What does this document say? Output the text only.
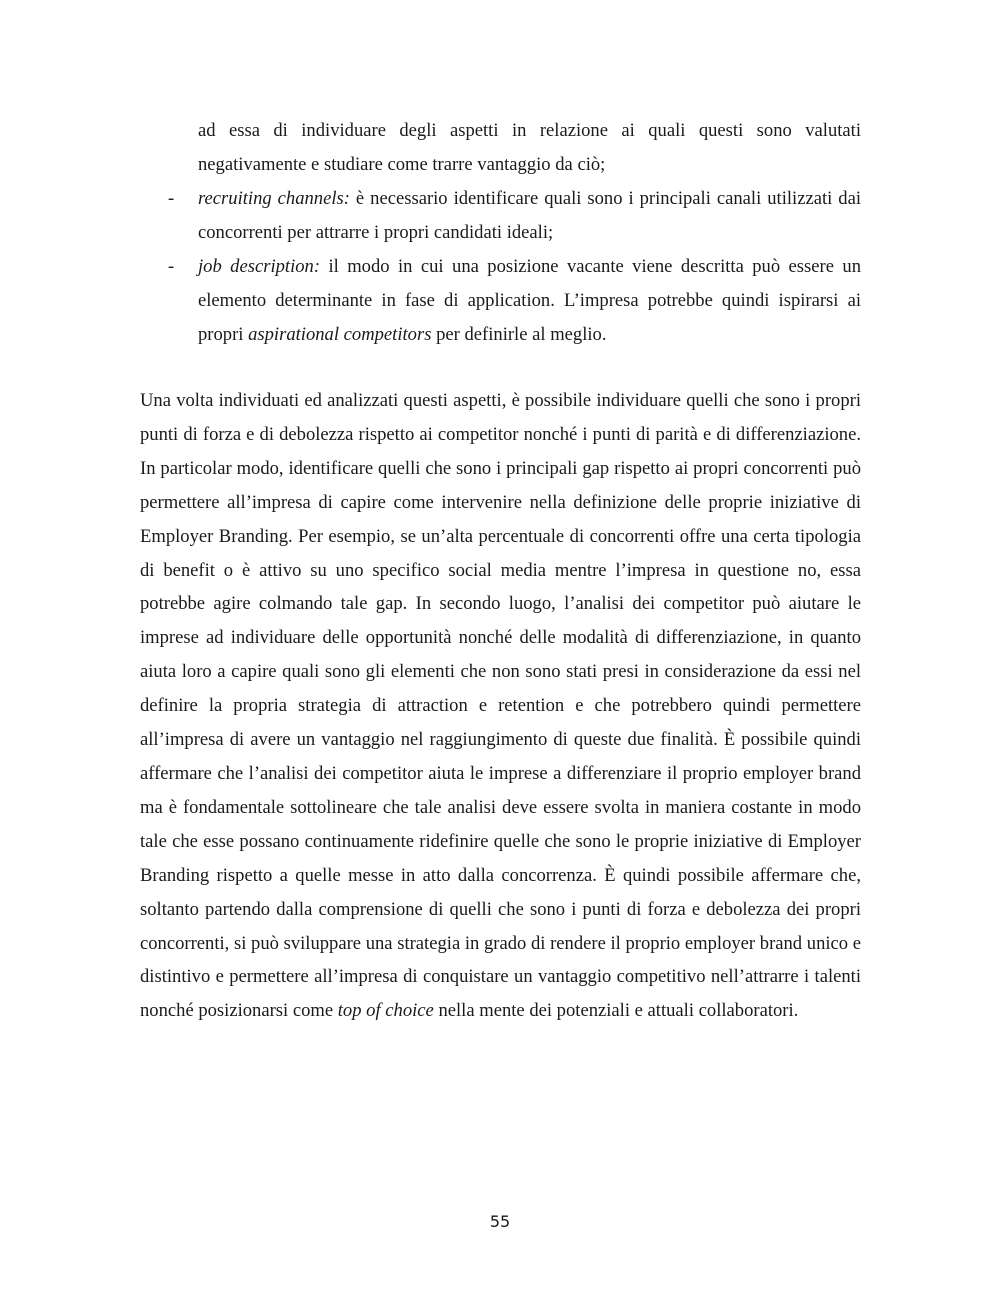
ad essa di individuare degli aspetti in relazione ai quali questi sono valutati negativamente e studiare come trarre vantaggio da ciò;

- recruiting channels: è necessario identificare quali sono i principali canali utilizzati dai concorrenti per attrarre i propri candidati ideali;
- job description: il modo in cui una posizione vacante viene descritta può essere un elemento determinante in fase di application. L’impresa potrebbe quindi ispirarsi ai propri aspirational competitors per definirle al meglio.

Una volta individuati ed analizzati questi aspetti, è possibile individuare quelli che sono i propri punti di forza e di debolezza rispetto ai competitor nonché i punti di parità e di differenziazione. In particolar modo, identificare quelli che sono i principali gap rispetto ai propri concorrenti può permettere all’impresa di capire come intervenire nella definizione delle proprie iniziative di Employer Branding. Per esempio, se un’alta percentuale di concorrenti offre una certa tipologia di benefit o è attivo su uno specifico social media mentre l’impresa in questione no, essa potrebbe agire colmando tale gap. In secondo luogo, l’analisi dei competitor può aiutare le imprese ad individuare delle opportunità nonché delle modalità di differenziazione, in quanto aiuta loro a capire quali sono gli elementi che non sono stati presi in considerazione da essi nel definire la propria strategia di attraction e retention e che potrebbero quindi permettere all’impresa di avere un vantaggio nel raggiungimento di queste due finalità. È possibile quindi affermare che l’analisi dei competitor aiuta le imprese a differenziare il proprio employer brand ma è fondamentale sottolineare che tale analisi deve essere svolta in maniera costante in modo tale che esse possano continuamente ridefinire quelle che sono le proprie iniziative di Employer Branding rispetto a quelle messe in atto dalla concorrenza. È quindi possibile affermare che, soltanto partendo dalla comprensione di quelli che sono i punti di forza e debolezza dei propri concorrenti, si può sviluppare una strategia in grado di rendere il proprio employer brand unico e distintivo e permettere all’impresa di conquistare un vantaggio competitivo nell’attrarre i talenti nonché posizionarsi come top of choice nella mente dei potenziali e attuali collaboratori.

55
